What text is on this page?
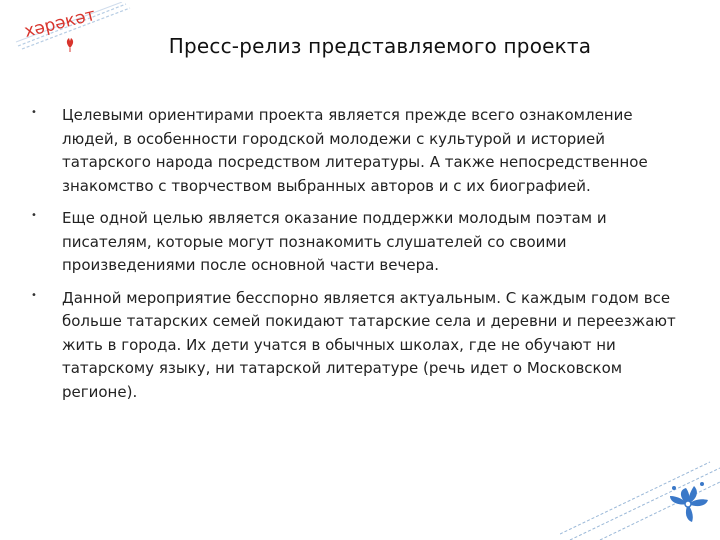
хәрәкәт
Пресс-релиз представляемого проекта
• Целевыми ориентирами проекта является прежде всего ознакомление людей, в особенности городской молодежи с культурой и историей татарского народа посредством литературы. А также непосредственное знакомство с творчеством выбранных авторов и с их биографией.
• Еще одной целью является оказание поддержки молодым поэтам и писателям, которые могут познакомить слушателей со своими произведениями после основной части вечера.
• Данной мероприятие бесспорно является актуальным. С каждым годом все больше татарских семей покидают татарские села и деревни и переезжают жить в города. Их дети учатся в обычных школах, где не обучают ни татарскому языку, ни татарской литературе (речь идет о Московском регионе).
